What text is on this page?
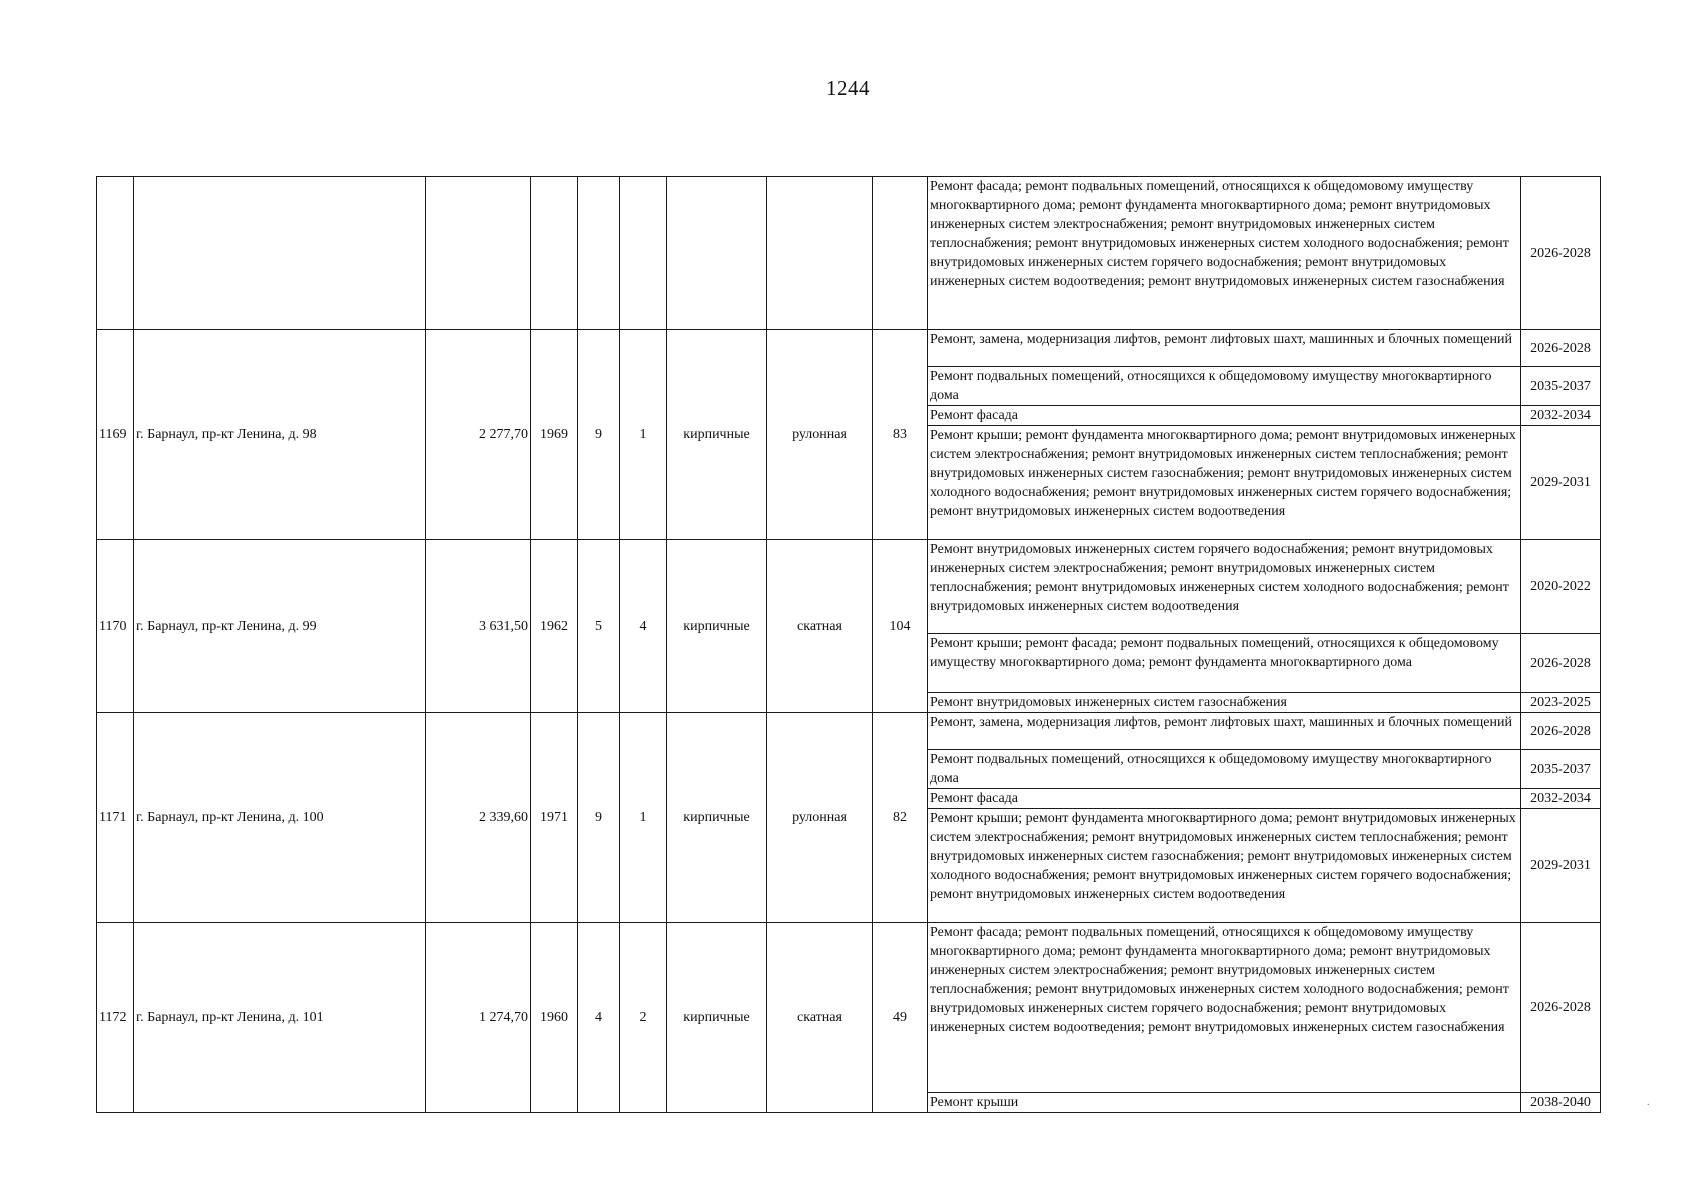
1244
									Ремонт фасада; ремонт подвальных помещений, относящихся к общедомовому имуществу многоквартирного дома; ремонт фундамента многоквартирного дома; ремонт внутридомовых инженерных систем электроснабжения; ремонт внутридомовых инженерных систем теплоснабжения; ремонт внутридомовых инженерных систем холодного водоснабжения; ремонт внутридомовых инженерных систем горячего водоснабжения; ремонт внутридомовых инженерных систем водоотведения; ремонт внутридомовых инженерных систем газоснабжения	2026-2028
1169	г. Барнаул, пр-кт Ленина, д. 98	2 277,70	1969	9	1	кирпичные	рулонная	83	Ремонт, замена, модернизация лифтов, ремонт лифтовых шахт, машинных и блочных помещений	2026-2028
									Ремонт подвальных помещений, относящихся к общедомовому имуществу многоквартирного дома	2035-2037
									Ремонт фасада	2032-2034
									Ремонт крыши; ремонт фундамента многоквартирного дома; ремонт внутридомовых инженерных систем электроснабжения; ремонт внутридомовых инженерных систем теплоснабжения; ремонт внутридомовых инженерных систем газоснабжения; ремонт внутридомовых инженерных систем холодного водоснабжения; ремонт внутридомовых инженерных систем горячего водоснабжения; ремонт внутридомовых инженерных систем водоотведения	2029-2031
1170	г. Барнаул, пр-кт Ленина, д. 99	3 631,50	1962	5	4	кирпичные	скатная	104	Ремонт внутридомовых инженерных систем горячего водоснабжения; ремонт внутридомовых инженерных систем электроснабжения; ремонт внутридомовых инженерных систем теплоснабжения; ремонт внутридомовых инженерных систем холодного водоснабжения; ремонт внутридомовых инженерных систем водоотведения	2020-2022
									Ремонт крыши; ремонт фасада; ремонт подвальных помещений, относящихся к общедомовому имуществу многоквартирного дома; ремонт фундамента многоквартирного дома	2026-2028
									Ремонт внутридомовых инженерных систем газоснабжения	2023-2025
1171	г. Барнаул, пр-кт Ленина, д. 100	2 339,60	1971	9	1	кирпичные	рулонная	82	Ремонт, замена, модернизация лифтов, ремонт лифтовых шахт, машинных и блочных помещений	2026-2028
									Ремонт подвальных помещений, относящихся к общедомовому имуществу многоквартирного дома	2035-2037
									Ремонт фасада	2032-2034
									Ремонт крыши; ремонт фундамента многоквартирного дома; ремонт внутридомовых инженерных систем электроснабжения; ремонт внутридомовых инженерных систем теплоснабжения; ремонт внутридомовых инженерных систем газоснабжения; ремонт внутридомовых инженерных систем холодного водоснабжения; ремонт внутридомовых инженерных систем горячего водоснабжения; ремонт внутридомовых инженерных систем водоотведения	2029-2031
1172	г. Барнаул, пр-кт Ленина, д. 101	1 274,70	1960	4	2	кирпичные	скатная	49	Ремонт фасада; ремонт подвальных помещений, относящихся к общедомовому имуществу многоквартирного дома; ремонт фундамента многоквартирного дома; ремонт внутридомовых инженерных систем электроснабжения; ремонт внутридомовых инженерных систем теплоснабжения; ремонт внутридомовых инженерных систем холодного водоснабжения; ремонт внутридомовых инженерных систем горячего водоснабжения; ремонт внутридомовых инженерных систем водоотведения; ремонт внутридомовых инженерных систем газоснабжения	2026-2028
									Ремонт крыши	2038-2040	.
